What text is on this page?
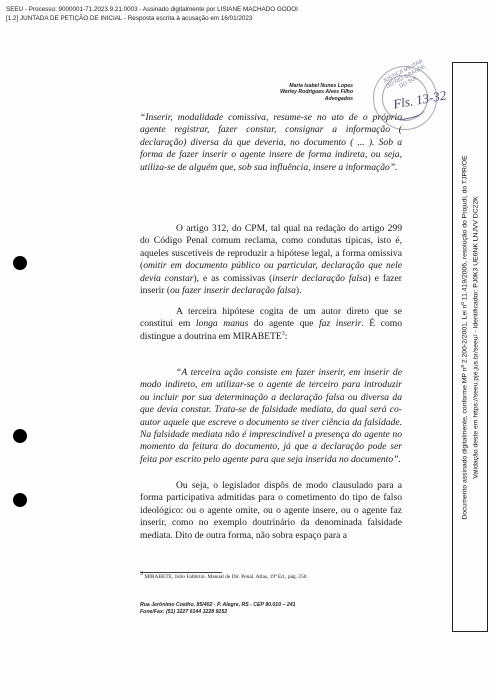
SEEU - Processo: 9000001-71.2023.9.21.0003 - Assinado digitalmente por LISIANE MACHADO GODOI
[1.2] JUNTADA DE PETIÇÃO DE INICIAL - Resposta escrita à acusação em 16/01/2023
Maria Isabel Nunes Lopes
Werley Rodrigues Alves Filho
Advogados
JUSTIÇA MILITAR DO RIO GRANDE DO SUL
Fls. 13-32
“Inserir, modalidade comissiva, resume-se no ato de o próprio agente registrar, fazer constar, consignar a informação ( declaração) diversa da que deveria, no documento ( ... ). Sob a forma de fazer inserir o agente insere de forma indireta, ou seja, utiliza-se de alguém que, sob sua influência, insere a informação”.
O artigo 312, do CPM, tal qual na redação do artigo 299 do Código Penal comum reclama, como condutas típicas, isto é, aqueles suscetíveis de reproduzir a hipótese legal, a forma omissiva (omitir em documento público ou particular, declaração que nele devia constar), e as comissivas (inserir declaração falsa) e fazer inserir (ou fazer inserir declaração falsa).
A terceira hipótese cogita de um autor direto que se constitui em longa manus do agente que faz inserir. É como distingue a doutrina em MIRABETE$^3$:
“A terceira ação consiste em fazer inserir, em inserir de modo indireto, em utilizar-se o agente de terceiro para introduzir ou incluir por sua determinação a declaração falsa ou diversa da que devia constar. Trata-se de falsidade mediata, da qual será co-autor aquele que escreve o documento se tiver ciência da falsidade. Na falsidade mediata não é imprescindível a presença do agente no momento da feitura do documento, já que a declaração pode ser feita por escrito pelo agente para que seja inserida no documento”.
Ou seja, o legislador dispôs de modo clausulado para a forma participativa admitidas para o cometimento do tipo de falso ideológico: ou o agente omite, ou o agente insere, ou o agente faz inserir, como no exemplo doutrinário da denominada falsidade mediata. Dito de outra forma, não sobra espaço para a
$^3$ MIRABETE, Julio Fabbrini. Manual de Dir. Penal. Atlas, 19ª Ed., pág. 250.
Rua Jerônimo Coelho, 85/402 - P. Alegre, RS - CEP 90.010 – 241
Fone/Fax: (51) 3227 6144 3228 9252
Documento assinado digitalmente, conforme MP nº 2.200-2/2001, Lei nº 11.419/2006, resolução do Projudi, do TJPR/OE Validação deste em https://seeu.pje.jus.br/seeu/ - Identificador: PJ0K3 UE6NK LNJVV DC22K
